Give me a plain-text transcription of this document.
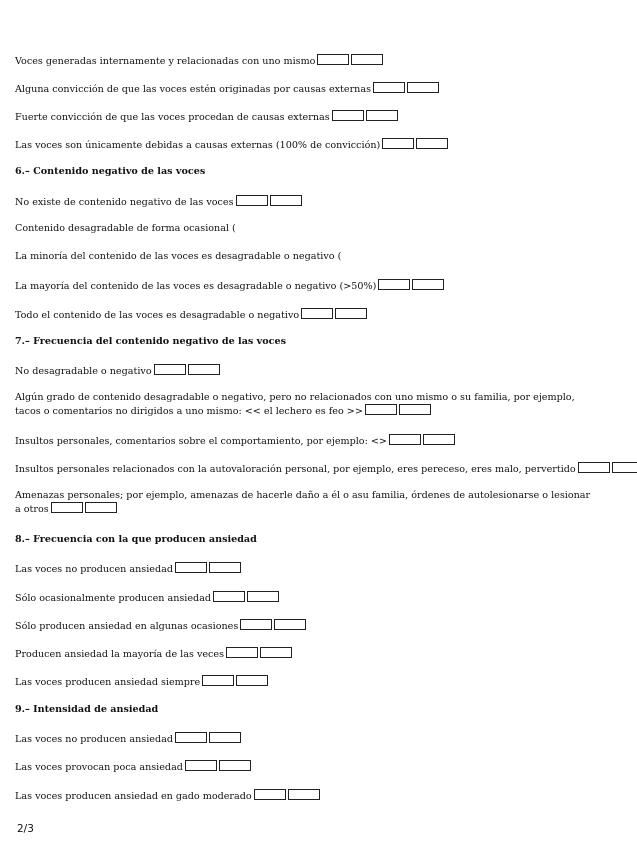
Voces generadas internamente y relacionadas con uno mismo
Alguna convicción de que las voces estén originadas por causas externas
Fuerte convicción de que las voces procedan de causas externas
Las voces son únicamente debidas a causas externas (100% de convicción)
6.– Contenido negativo de las voces
No existe de contenido negativo de las voces
Contenido desagradable de forma ocasional (
La minoría del contenido de las voces es desagradable o negativo (
La mayoría del contenido de las voces es desagradable o negativo (>50%)
Todo el contenido de las voces es desagradable o negativo
7.– Frecuencia del contenido negativo de las voces
No desagradable o negativo
Algún grado de contenido desagradable o negativo, pero no relacionados con uno mismo o su familia, por ejemplo, tacos o comentarios no dirigidos a uno mismo: << el lechero es feo >>
Insultos personales, comentarios sobre el comportamiento, por ejemplo: <>
Insultos personales relacionados con la autovaloración personal, por ejemplo, eres pereceso, eres malo, pervertido
Amenazas personales; por ejemplo, amenazas de hacerle daño a él o asu familia, órdenes de autolesionarse o lesionar a otros
8.– Frecuencia con la que producen ansiedad
Las voces no producen ansiedad
Sólo ocasionalmente producen ansiedad
Sólo producen ansiedad en algunas ocasiones
Producen ansiedad la mayoría de las veces
Las voces producen ansiedad siempre
9.– Intensidad de ansiedad
Las voces no producen ansiedad
Las voces provocan poca ansiedad
Las voces producen ansiedad en gado moderado
2/3
